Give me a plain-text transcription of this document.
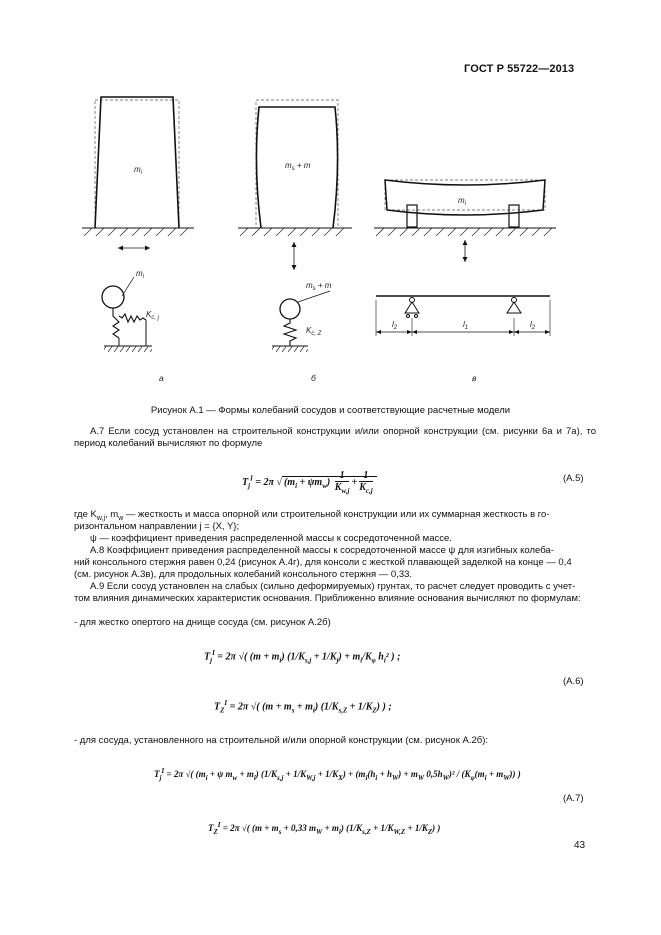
ГОСТ Р 55722—2013
$m_i$
$m_i$
$K_{c, j}$
а
$m_s + m$
$m_s + m$
$K_{c, Z}$
б
$m_i$
$l_2$	$l_1$	$l_2$
в
Рисунок А.1 — Формы колебаний сосудов и соответствующие расчетные модели
А.7 Если сосуд установлен на строительной конструкции и/или опорной конструкции (см. рисунки 6а и 7а), то период колебаний вычисляют по формуле
$T_j^I = 2\pi$ √ $(m_i + \psi m_w) \frac{1}{K_{w,j}} + \frac{1}{K_{c,j}}$	(А.5)
где $K_{w,j}$, $m_w$ — жесткость и масса опорной или строительной конструкции или их суммарная жесткость в го-
ризонтальном направлении j = {X, Y};
ψ — коэффициент приведения распределенной массы к сосредоточенной массе.
А.8 Коэффициент приведения распределенной массы к сосредоточенной массе ψ для изгибных колеба-
ний консольного стержня равен 0,24 (рисунок А.4г), для консоли с жесткой плавающей заделкой на конце — 0,4
(см. рисунок А.3в), для продольных колебаний консольного стержня — 0,33.
А.9 Если сосуд установлен на слабых (сильно деформируемых) грунтах, то расчет следует проводить с учет-
том влияния динамических характеристик основания. Приближенно влияние основания вычисляют по формулам:
- для жестко опертого на днище сосуда (см. рисунок А.2б)
$T_j^I = 2\pi$ √( $(m + m_i)$ $(1/K_{s,j} + 1/K_j) + m_i/K_\varphi$ $h_i^2$ ) ;
$T_Z^I = 2\pi$ √( $(m + m_s + m_i)$ $(1/K_{s,Z} + 1/K_Z)$ ) ;
(А.6)
- для сосуда, установленного на строительной и/или опорной конструкции (см. рисунок А.2б):
$T_j^I = 2\pi$ √( ($m_i + \psi$ $m_w + m_i$) $(1/K_{s,j} + 1/K_{W,j} + 1/K_X) + (m_i(h_i + h_W) + m_W$ $0,5h_W)^2 / (K_\varphi(m_i + m_W))$ )
$T_Z^I = 2\pi$ √( ($m + m_s + 0,33$ $m_W + m_i$) $(1/K_{s,Z} + 1/K_{W,Z} + 1/K_Z)$ )
(А.7)
43
